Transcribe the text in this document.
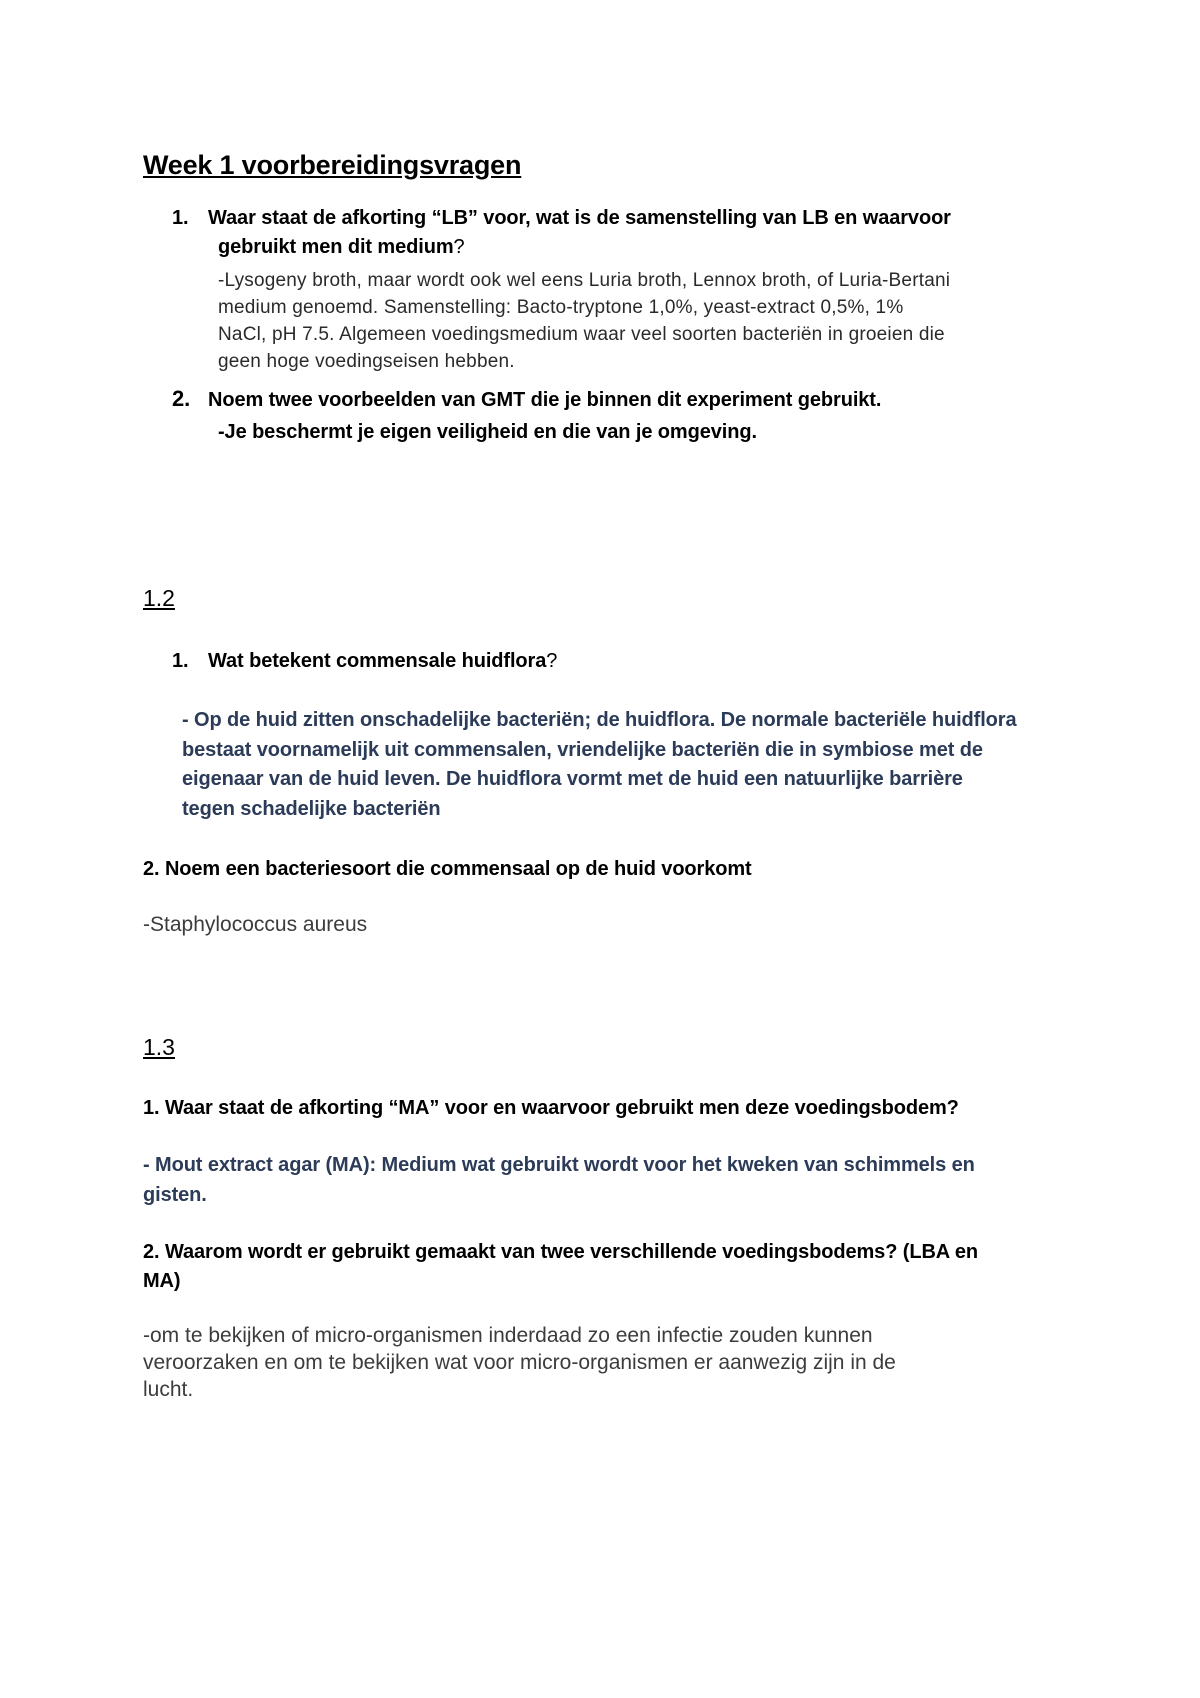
Week 1 voorbereidingsvragen
1. Waar staat de afkorting “LB” voor, wat is de samenstelling van LB en waarvoor
gebruikt men dit medium?
-Lysogeny broth, maar wordt ook wel eens Luria broth, Lennox broth, of Luria-Bertani
medium genoemd. Samenstelling: Bacto-tryptone 1,0%, yeast-extract 0,5%, 1%
NaCl, pH 7.5. Algemeen voedingsmedium waar veel soorten bacteriën in groeien die
geen hoge voedingseisen hebben.
2. Noem twee voorbeelden van GMT die je binnen dit experiment gebruikt.
-Je beschermt je eigen veiligheid en die van je omgeving.
1.2
1. Wat betekent commensale huidflora?
- Op de huid zitten onschadelijke bacteriën; de huidflora. De normale bacteriële huidflora
bestaat voornamelijk uit commensalen, vriendelijke bacteriën die in symbiose met de
eigenaar van de huid leven. De huidflora vormt met de huid een natuurlijke barrière
tegen schadelijke bacteriën
2. Noem een bacteriesoort die commensaal op de huid voorkomt
-Staphylococcus aureus
1.3
1. Waar staat de afkorting “MA” voor en waarvoor gebruikt men deze voedingsbodem?
- Mout extract agar (MA): Medium wat gebruikt wordt voor het kweken van schimmels en
gisten.
2. Waarom wordt er gebruikt gemaakt van twee verschillende voedingsbodems? (LBA en
MA)
-om te bekijken of micro-organismen inderdaad zo een infectie zouden kunnen
veroorzaken en om te bekijken wat voor micro-organismen er aanwezig zijn in de
lucht.
